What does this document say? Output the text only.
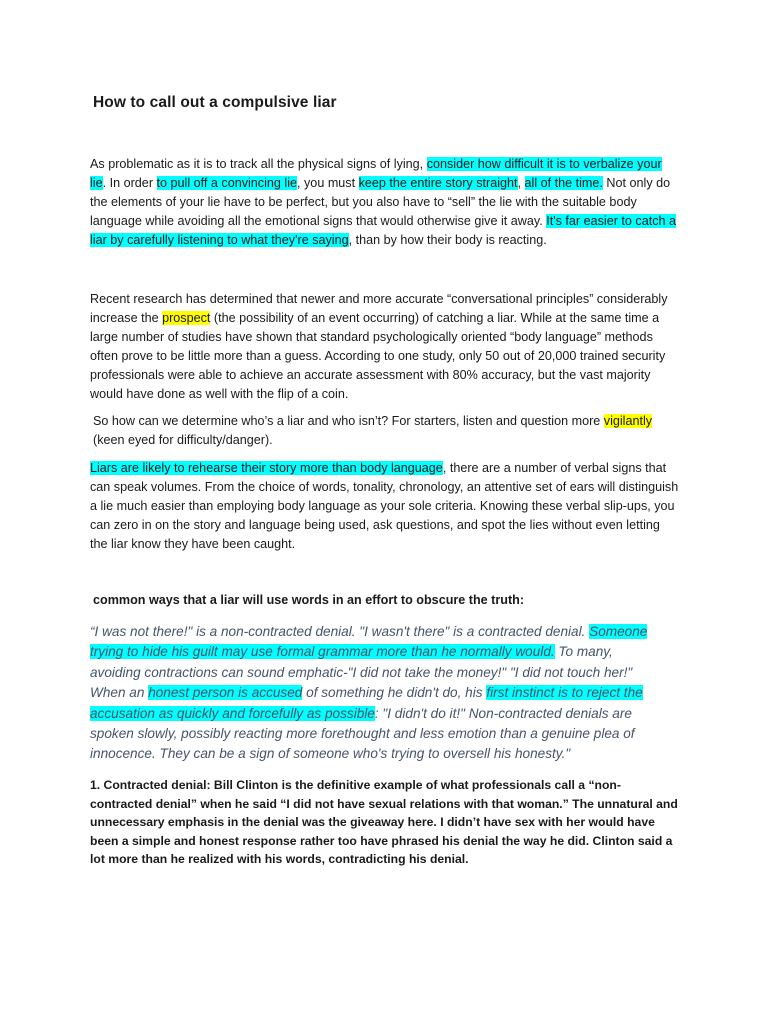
How to call out a compulsive liar
As problematic as it is to track all the physical signs of lying, consider how difficult it is to verbalize your lie. In order to pull off a convincing lie, you must keep the entire story straight, all of the time. Not only do the elements of your lie have to be perfect, but you also have to “sell” the lie with the suitable body language while avoiding all the emotional signs that would otherwise give it away. It's far easier to catch a liar by carefully listening to what they're saying, than by how their body is reacting.
Recent research has determined that newer and more accurate “conversational principles” considerably increase the prospect (the possibility of an event occurring) of catching a liar. While at the same time a large number of studies have shown that standard psychologically oriented “body language” methods often prove to be little more than a guess. According to one study, only 50 out of 20,000 trained security professionals were able to achieve an accurate assessment with 80% accuracy, but the vast majority would have done as well with the flip of a coin.
So how can we determine who’s a liar and who isn’t? For starters, listen and question more vigilantly (keen eyed for difficulty/danger).
Liars are likely to rehearse their story more than body language, there are a number of verbal signs that can speak volumes. From the choice of words, tonality, chronology, an attentive set of ears will distinguish a lie much easier than employing body language as your sole criteria. Knowing these verbal slip-ups, you can zero in on the story and language being used, ask questions, and spot the lies without even letting the liar know they have been caught.
common ways that a liar will use words in an effort to obscure the truth:
“I was not there!" is a non-contracted denial. "I wasn't there" is a contracted denial. Someone trying to hide his guilt may use formal grammar more than he normally would. To many, avoiding contractions can sound emphatic-"I did not take the money!" "I did not touch her!" When an honest person is accused of something he didn't do, his first instinct is to reject the accusation as quickly and forcefully as possible: "I didn't do it!" Non-contracted denials are spoken slowly, possibly reacting more forethought and less emotion than a genuine plea of innocence. They can be a sign of someone who's trying to oversell his honesty."
1. Contracted denial: Bill Clinton is the definitive example of what professionals call a “non-contracted denial” when he said “I did not have sexual relations with that woman.” The unnatural and unnecessary emphasis in the denial was the giveaway here. I didn’t have sex with her would have been a simple and honest response rather too have phrased his denial the way he did. Clinton said a lot more than he realized with his words, contradicting his denial.
